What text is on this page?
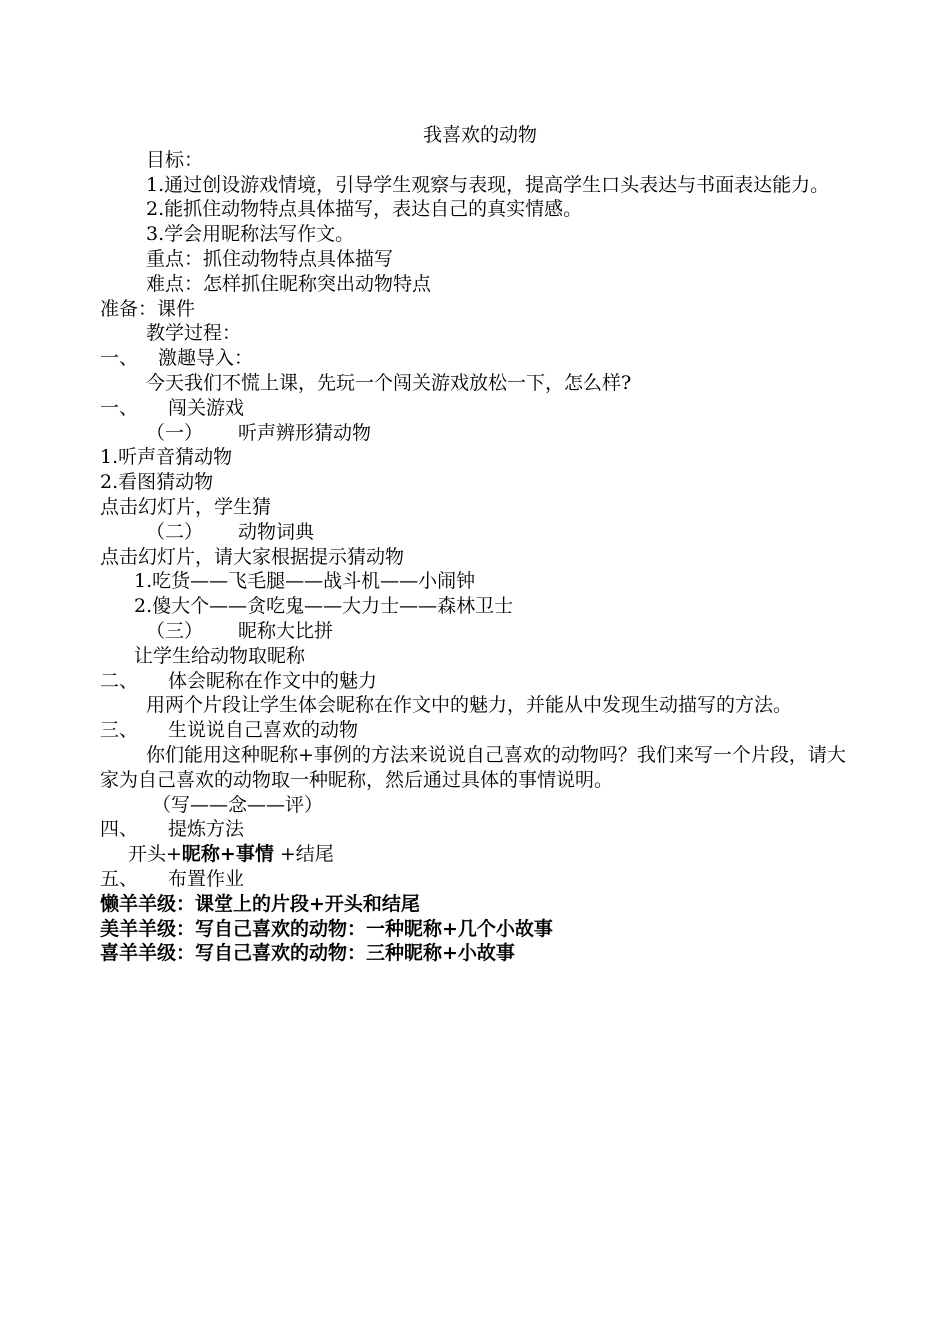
我喜欢的动物
目标：
1.通过创设游戏情境，引导学生观察与表现，提高学生口头表达与书面表达能力。
2.能抓住动物特点具体描写，表达自己的真实情感。
3.学会用昵称法写作文。
重点：抓住动物特点具体描写
难点：怎样抓住昵称突出动物特点
准备：课件
教学过程：
一、 激趣导入：
今天我们不慌上课，先玩一个闯关游戏放松一下，怎么样?
一、 闯关游戏
（一） 听声辨形猜动物
1.听声音猜动物
2.看图猜动物
点击幻灯片，学生猜
（二） 动物词典
点击幻灯片，请大家根据提示猜动物
1.吃货——飞毛腿——战斗机——小闹钟
2.傻大个——贪吃鬼——大力士——森林卫士
（三） 昵称大比拼
让学生给动物取昵称
二、 体会昵称在作文中的魅力
用两个片段让学生体会昵称在作文中的魅力，并能从中发现生动描写的方法。
三、 生说说自己喜欢的动物
你们能用这种昵称+事例的方法来说说自己喜欢的动物吗？我们来写一个片段，请大家为自己喜欢的动物取一种昵称，然后通过具体的事情说明。
（写——念——评）
四、 提炼方法
开头+昵称+事情 +结尾
五、 布置作业
懒羊羊级：课堂上的片段+开头和结尾
美羊羊级：写自己喜欢的动物：一种昵称+几个小故事
喜羊羊级：写自己喜欢的动物：三种昵称+小故事
